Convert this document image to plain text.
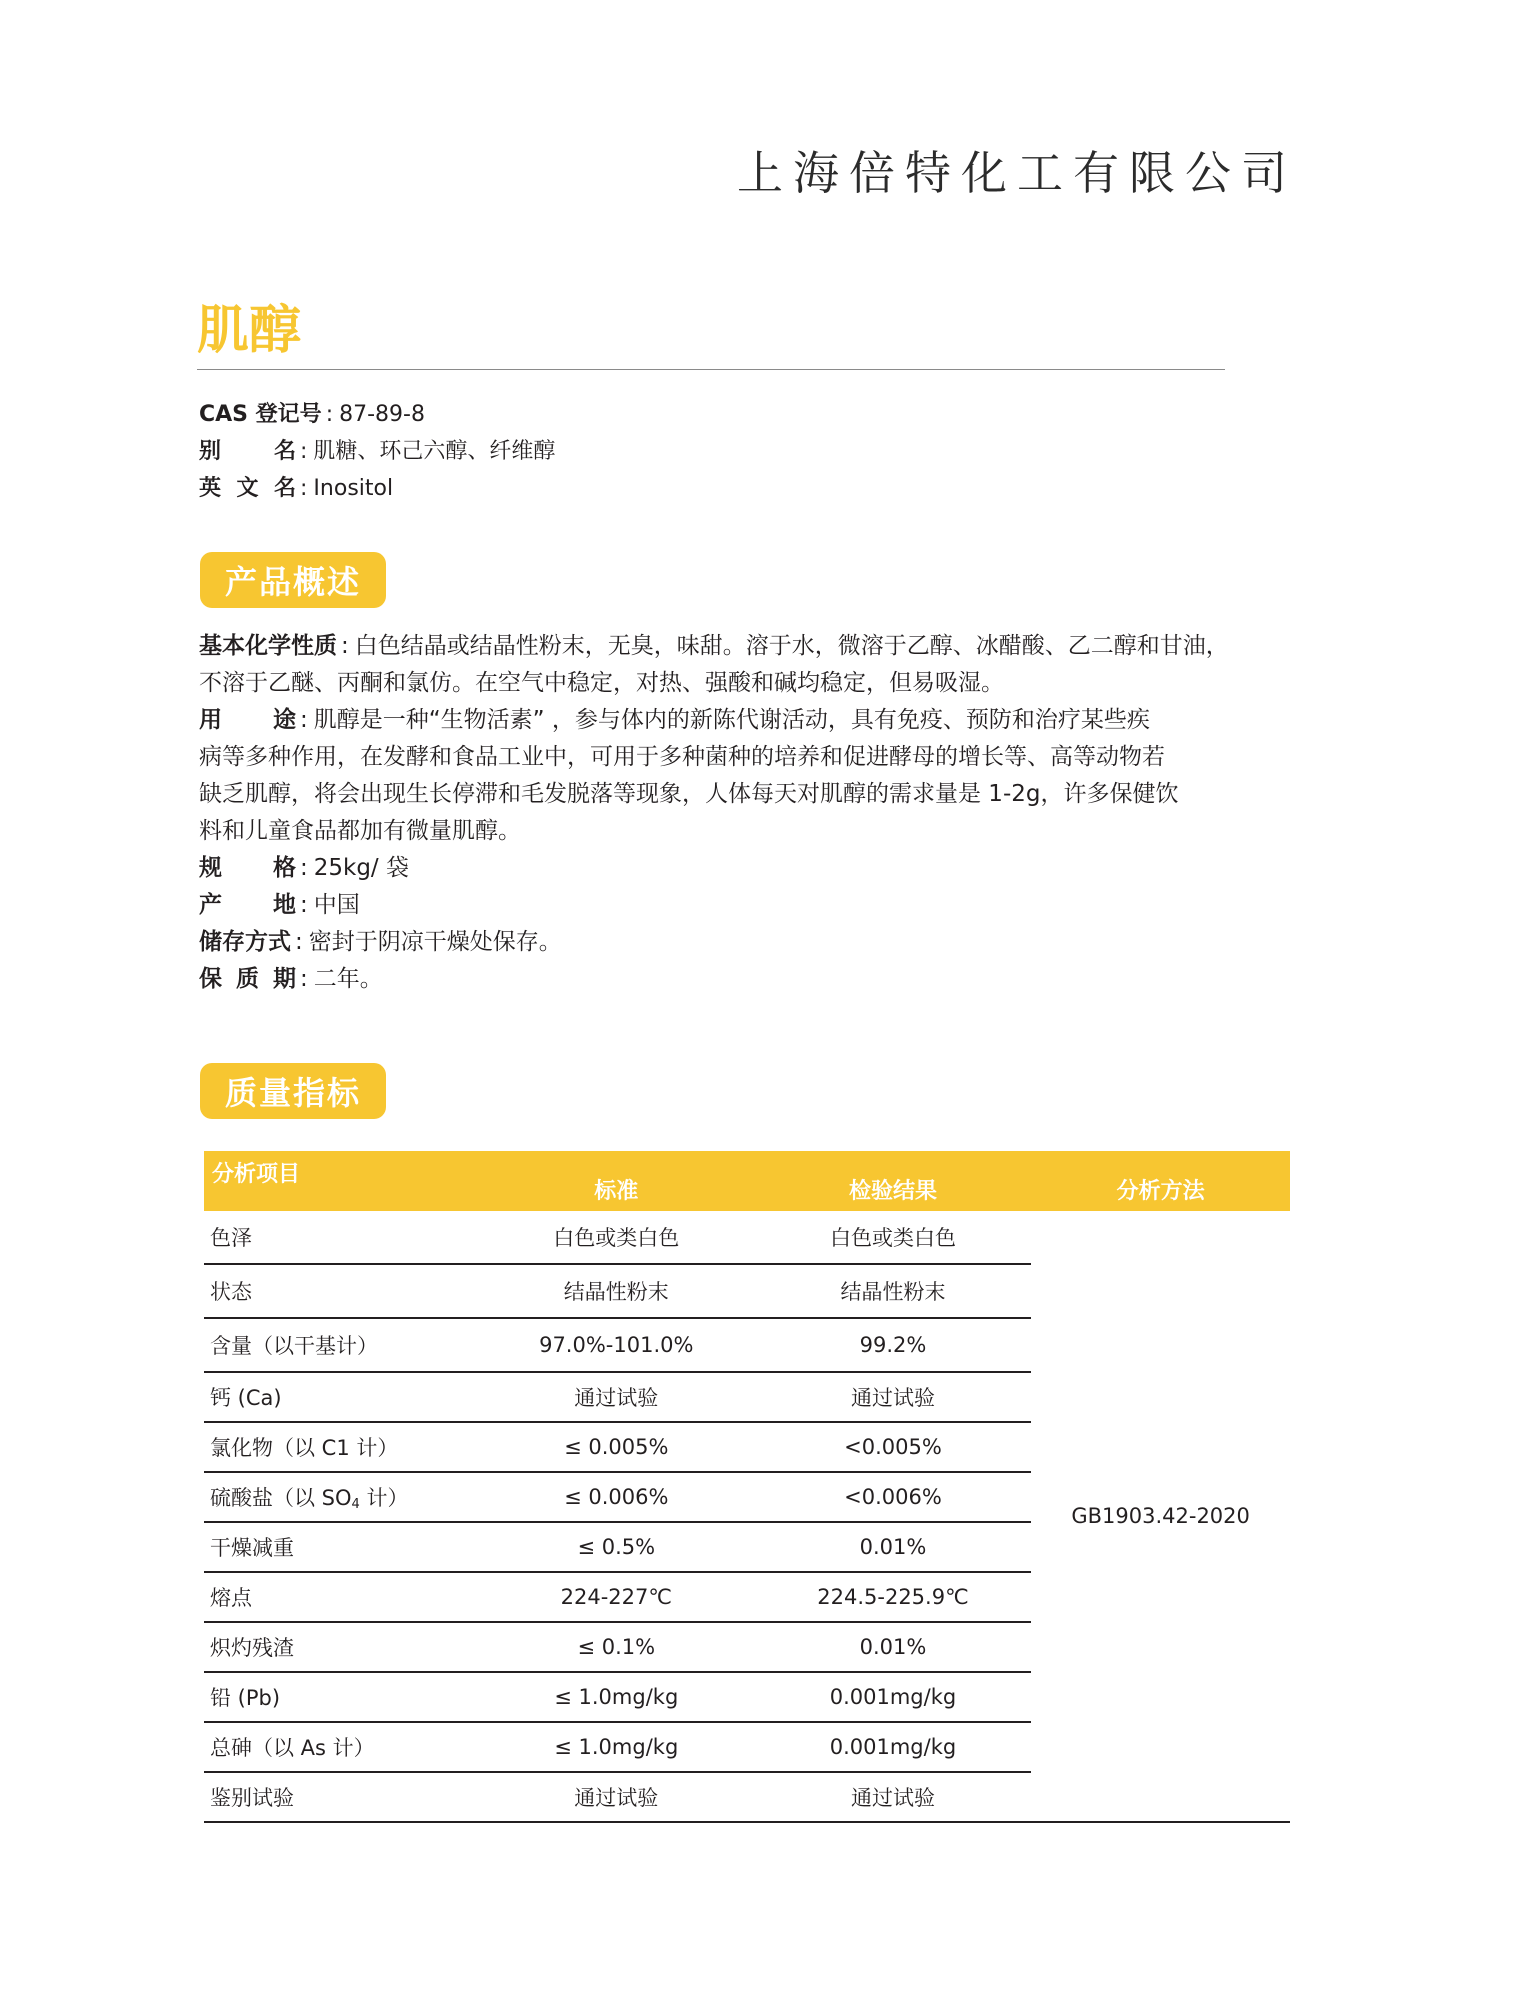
上海倍特化工有限公司
肌醇
CAS 登记号 : 87-89-8
别 名 : 肌糖、环己六醇、纤维醇
英 文 名 : Inositol
产品概述

基本化学性质 : 白色结晶或结晶性粉末，无臭，味甜。溶于水，微溶于乙醇、冰醋酸、乙二醇和甘油，

不溶于乙醚、丙酮和氯仿。在空气中稳定，对热、强酸和碱均稳定，但易吸湿。

用 途 : 肌醇是一种“生物活素” ，参与体内的新陈代谢活动，具有免疫、预防和治疗某些疾

病等多种作用，在发酵和食品工业中，可用于多种菌种的培养和促进酵母的增长等、高等动物若

缺乏肌醇，将会出现生长停滞和毛发脱落等现象，人体每天对肌醇的需求量是 1-2g，许多保健饮

料和儿童食品都加有微量肌醇。

规 格 : 25kg/ 袋

产 地 : 中国

储存方式 : 密封于阴凉干燥处保存。

保 质 期 : 二年。

质量指标
分析项目	标准	检验结果	分析方法
色泽	白色或类白色	白色或类白色	GB1903.42-2020
状态	结晶性粉末	结晶性粉末	
含量（以干基计）	97.0%-101.0%	99.2%	
钙 (Ca)	通过试验	通过试验	
氯化物（以 C1 计）	≤ 0.005%	<0.005%	
硫酸盐（以 $SO_4$ 计）	≤ 0.006%	<0.006%	
干燥减重	≤ 0.5%	0.01%	
熔点	224-227℃	224.5-225.9℃	
炽灼残渣	≤ 0.1%	0.01%	
铅 (Pb)	≤ 1.0mg/kg	0.001mg/kg	
总砷（以 As 计）	≤ 1.0mg/kg	0.001mg/kg	
鉴别试验	通过试验	通过试验	
